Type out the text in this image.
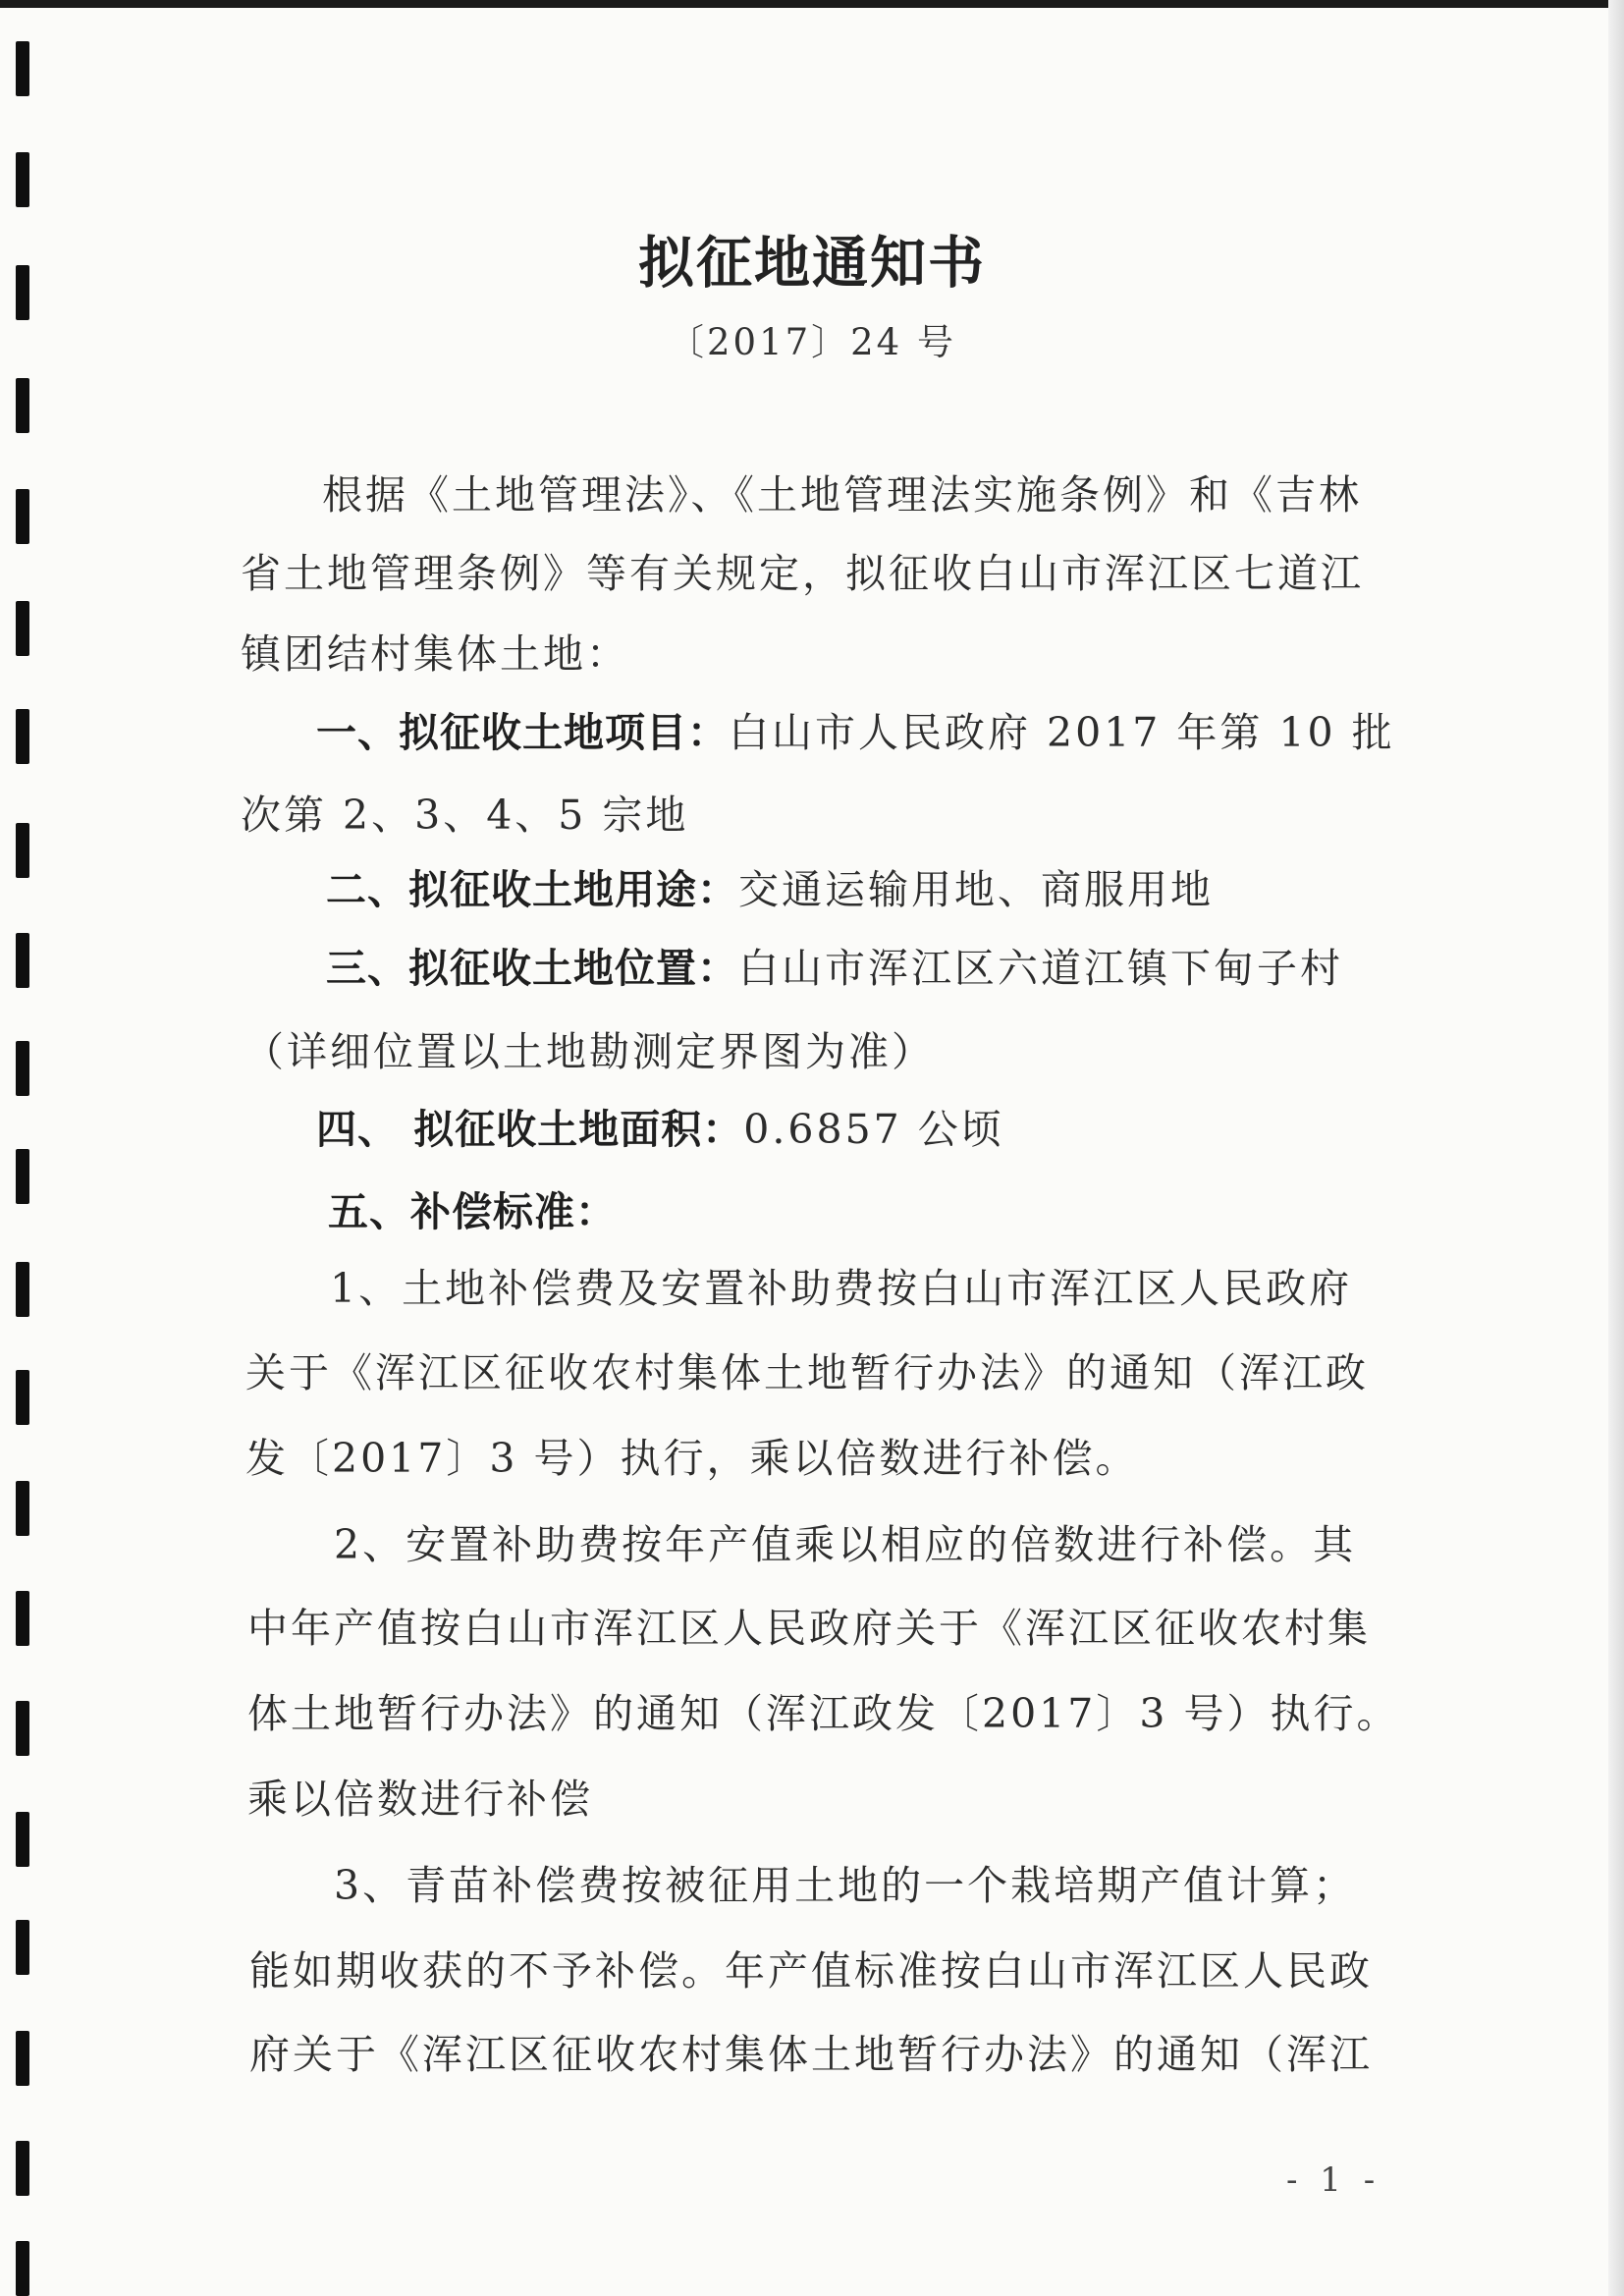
拟征地通知书
〔2017〕24 号
根据《土地管理法》、《土地管理法实施条例》和《吉林
省土地管理条例》等有关规定，拟征收白山市浑江区七道江
镇团结村集体土地：
一、拟征收土地项目：白山市人民政府 2017 年第 10 批
次第 2、3、4、5 宗地
二、拟征收土地用途：交通运输用地、商服用地
三、拟征收土地位置：白山市浑江区六道江镇下甸子村
（详细位置以土地勘测定界图为准）
四、 拟征收土地面积：0.6857 公顷
五、补偿标准：
1、土地补偿费及安置补助费按白山市浑江区人民政府
关于《浑江区征收农村集体土地暂行办法》的通知（浑江政
发〔2017〕3 号）执行，乘以倍数进行补偿。
2、安置补助费按年产值乘以相应的倍数进行补偿。其
中年产值按白山市浑江区人民政府关于《浑江区征收农村集
体土地暂行办法》的通知（浑江政发〔2017〕3 号）执行。
乘以倍数进行补偿
3、青苗补偿费按被征用土地的一个栽培期产值计算；
能如期收获的不予补偿。年产值标准按白山市浑江区人民政
府关于《浑江区征收农村集体土地暂行办法》的通知（浑江
- 1 -
